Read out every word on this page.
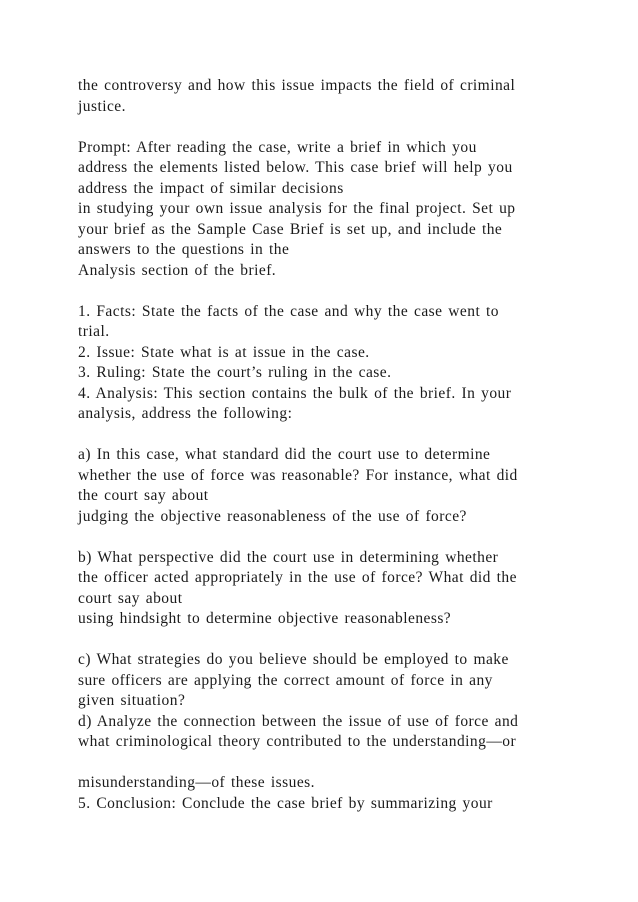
the controversy and how this issue impacts the field of criminal
justice.
Prompt: After reading the case, write a brief in which you
address the elements listed below. This case brief will help you
address the impact of similar decisions
in studying your own issue analysis for the final project. Set up
your brief as the Sample Case Brief is set up, and include the
answers to the questions in the
Analysis section of the brief.
1. Facts: State the facts of the case and why the case went to
trial.
2. Issue: State what is at issue in the case.
3. Ruling: State the court’s ruling in the case.
4. Analysis: This section contains the bulk of the brief. In your
analysis, address the following:
a) In this case, what standard did the court use to determine
whether the use of force was reasonable? For instance, what did
the court say about
judging the objective reasonableness of the use of force?
b) What perspective did the court use in determining whether
the officer acted appropriately in the use of force? What did the
court say about
using hindsight to determine objective reasonableness?
c) What strategies do you believe should be employed to make
sure officers are applying the correct amount of force in any
given situation?
d) Analyze the connection between the issue of use of force and
what criminological theory contributed to the understanding—or
misunderstanding—of these issues.
5. Conclusion: Conclude the case brief by summarizing your
